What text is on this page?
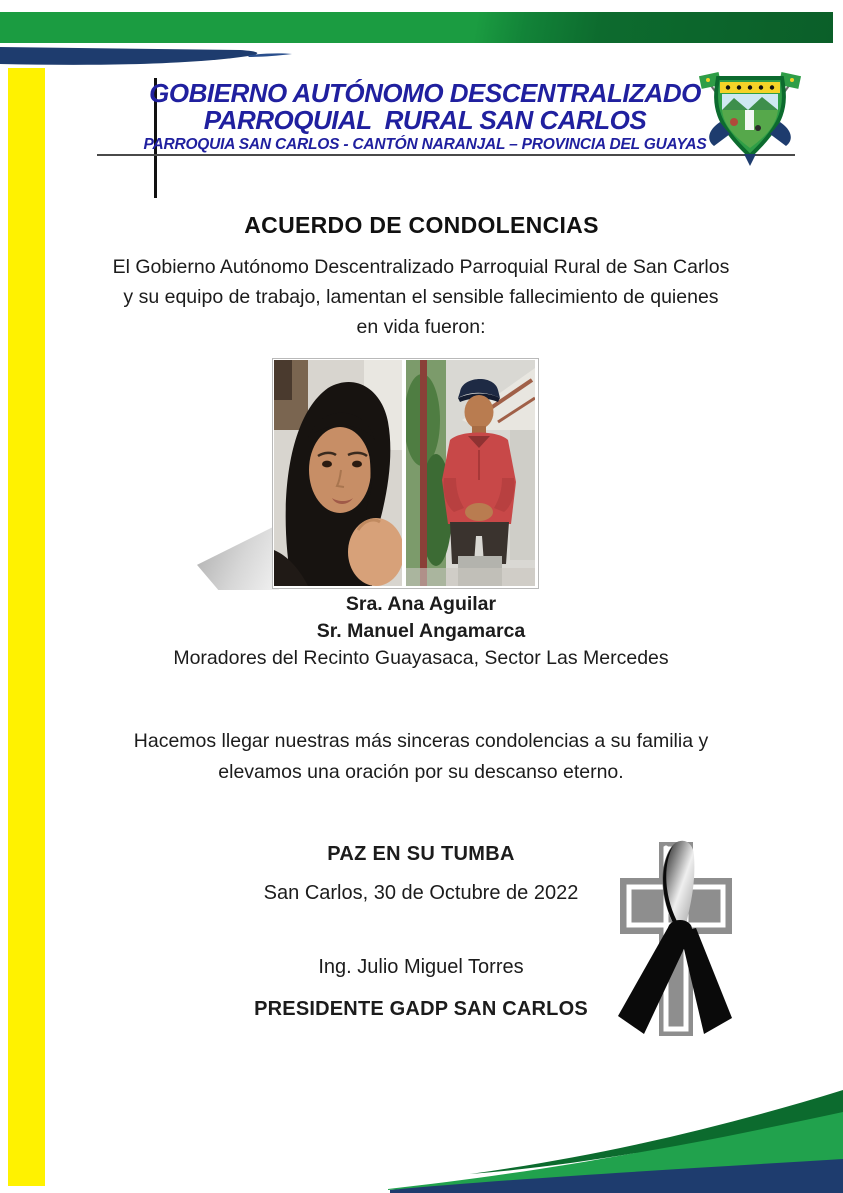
GOBIERNO AUTÓNOMO DESCENTRALIZADO
PARROQUIAL  RURAL SAN CARLOS
PARROQUIA SAN CARLOS - CANTÓN NARANJAL – PROVINCIA DEL GUAYAS
ACUERDO DE CONDOLENCIAS
El Gobierno Autónomo Descentralizado Parroquial Rural de San Carlos y su equipo de trabajo, lamentan el sensible fallecimiento de quienes en vida fueron:
Sra. Ana Aguilar
Sr. Manuel Angamarca
Moradores del Recinto Guayasaca, Sector Las Mercedes
Hacemos llegar nuestras más sinceras condolencias a su familia y elevamos una oración por su descanso eterno.
PAZ EN SU TUMBA
San Carlos, 30 de Octubre de 2022
Ing. Julio Miguel Torres
PRESIDENTE GADP SAN CARLOS
